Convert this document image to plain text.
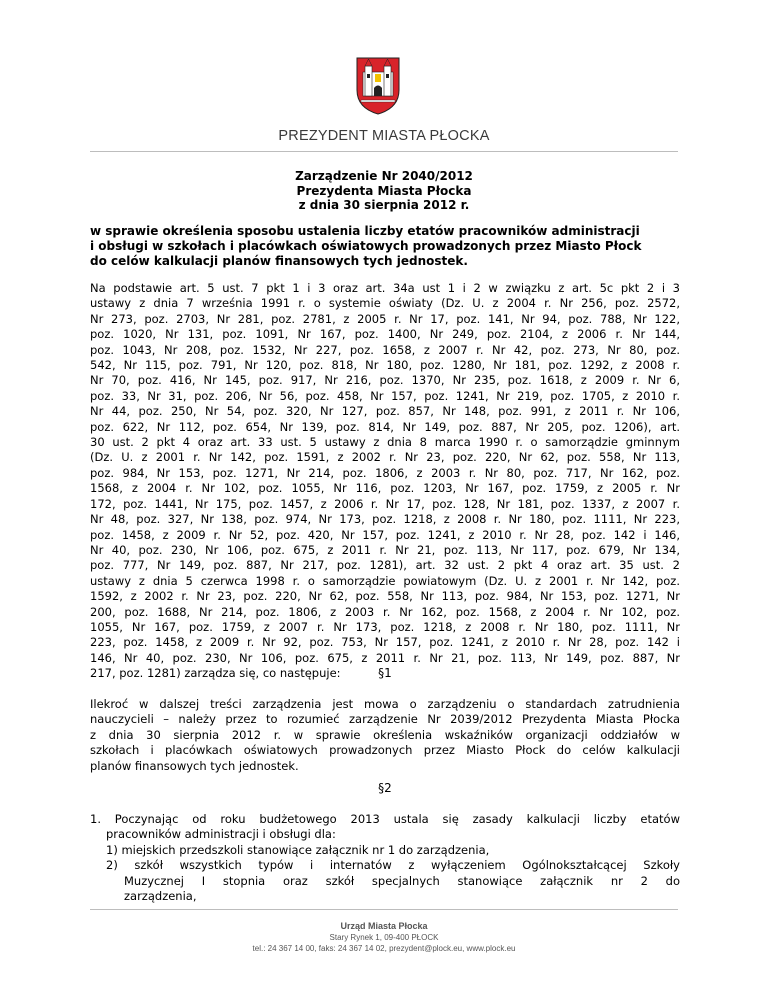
PREZYDENT MIASTA PŁOCKA
Zarządzenie Nr 2040/2012
Prezydenta Miasta Płocka
z dnia 30 sierpnia 2012 r.
w sprawie określenia sposobu ustalenia liczby etatów pracowników administracji
i obsługi w szkołach i placówkach oświatowych prowadzonych przez Miasto Płock
do celów kalkulacji planów finansowych tych jednostek.
Na podstawie art. 5 ust. 7 pkt 1 i 3 oraz art. 34a ust 1 i 2 w związku z art. 5c pkt 2 i 3
ustawy z dnia 7 września 1991 r. o systemie oświaty (Dz. U. z 2004 r. Nr 256, poz. 2572,
Nr 273, poz. 2703, Nr 281, poz. 2781, z 2005 r. Nr 17, poz. 141, Nr 94, poz. 788, Nr 122,
poz. 1020, Nr 131, poz. 1091, Nr 167, poz. 1400, Nr 249, poz. 2104, z 2006 r. Nr 144,
poz. 1043, Nr 208, poz. 1532, Nr 227, poz. 1658, z 2007 r. Nr 42, poz. 273, Nr 80, poz.
542, Nr 115, poz. 791, Nr 120, poz. 818, Nr 180, poz. 1280, Nr 181, poz. 1292, z 2008 r.
Nr 70, poz. 416, Nr 145, poz. 917, Nr 216, poz. 1370, Nr 235, poz. 1618, z 2009 r. Nr 6,
poz. 33, Nr 31, poz. 206, Nr 56, poz. 458, Nr 157, poz. 1241, Nr 219, poz. 1705, z 2010 r.
Nr 44, poz. 250, Nr 54, poz. 320, Nr 127, poz. 857, Nr 148, poz. 991, z 2011 r. Nr 106,
poz. 622, Nr 112, poz. 654, Nr 139, poz. 814, Nr 149, poz. 887, Nr 205, poz. 1206), art.
30 ust. 2 pkt 4 oraz art. 33 ust. 5 ustawy z dnia 8 marca 1990 r. o samorządzie gminnym
(Dz. U. z 2001 r. Nr 142, poz. 1591, z 2002 r. Nr 23, poz. 220, Nr 62, poz. 558, Nr 113,
poz. 984, Nr 153, poz. 1271, Nr 214, poz. 1806, z 2003 r. Nr 80, poz. 717, Nr 162, poz.
1568, z 2004 r. Nr 102, poz. 1055, Nr 116, poz. 1203, Nr 167, poz. 1759, z 2005 r. Nr
172, poz. 1441, Nr 175, poz. 1457, z 2006 r. Nr 17, poz. 128, Nr 181, poz. 1337, z 2007 r.
Nr 48, poz. 327, Nr 138, poz. 974, Nr 173, poz. 1218, z 2008 r. Nr 180, poz. 1111, Nr 223,
poz. 1458, z 2009 r. Nr 52, poz. 420, Nr 157, poz. 1241, z 2010 r. Nr 28, poz. 142 i 146,
Nr 40, poz. 230, Nr 106, poz. 675, z 2011 r. Nr 21, poz. 113, Nr 117, poz. 679, Nr 134,
poz. 777, Nr 149, poz. 887, Nr 217, poz. 1281), art. 32 ust. 2 pkt 4 oraz art. 35 ust. 2
ustawy z dnia 5 czerwca 1998 r. o samorządzie powiatowym (Dz. U. z 2001 r. Nr 142, poz.
1592, z 2002 r. Nr 23, poz. 220, Nr 62, poz. 558, Nr 113, poz. 984, Nr 153, poz. 1271, Nr
200, poz. 1688, Nr 214, poz. 1806, z 2003 r. Nr 162, poz. 1568, z 2004 r. Nr 102, poz.
1055, Nr 167, poz. 1759, z 2007 r. Nr 173, poz. 1218, z 2008 r. Nr 180, poz. 1111, Nr
223, poz. 1458, z 2009 r. Nr 92, poz. 753, Nr 157, poz. 1241, z 2010 r. Nr 28, poz. 142 i
146, Nr 40, poz. 230, Nr 106, poz. 675, z 2011 r. Nr 21, poz. 113, Nr 149, poz. 887, Nr
217, poz. 1281) zarządza się, co następuje:	§1
Ilekroć w dalszej treści zarządzenia jest mowa o zarządzeniu o standardach zatrudnienia
nauczycieli – należy przez to rozumieć zarządzenie Nr 2039/2012 Prezydenta Miasta Płocka
z dnia 30 sierpnia 2012 r. w sprawie określenia wskaźników organizacji oddziałów w
szkołach i placówkach oświatowych prowadzonych przez Miasto Płock do celów kalkulacji
planów finansowych tych jednostek.
§2
1. Poczynając od roku budżetowego 2013 ustala się zasady kalkulacji liczby etatów
pracowników administracji i obsługi dla:
1) miejskich przedszkoli stanowiące załącznik nr 1 do zarządzenia,
2) szkół wszystkich typów i internatów z wyłączeniem Ogólnokształcącej Szkoły
Muzycznej I stopnia oraz szkół specjalnych stanowiące załącznik nr 2 do
zarządzenia,
Urząd Miasta Płocka
Stary Rynek 1, 09-400 PŁOCK
tel.: 24 367 14 00, faks: 24 367 14 02, prezydent@plock.eu, www.plock.eu
